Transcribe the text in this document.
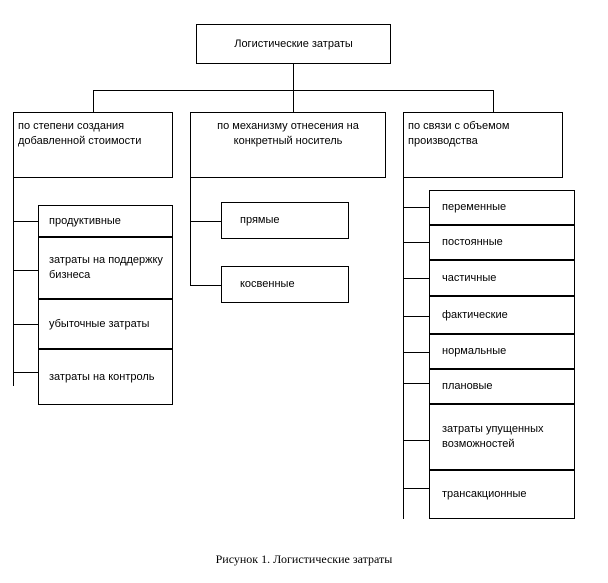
Логистические затраты
по степени создания добавленной стоимости
по механизму отнесения на конкретный носитель
по связи с объемом производства
продуктивные
затраты на поддержку бизнеса
убыточные затраты
затраты на контроль
прямые
косвенные
переменные
постоянные
частичные
фактические
нормальные
плановые
затраты упущенных возможностей
трансакционные
Рисунок 1. Логистические затраты
